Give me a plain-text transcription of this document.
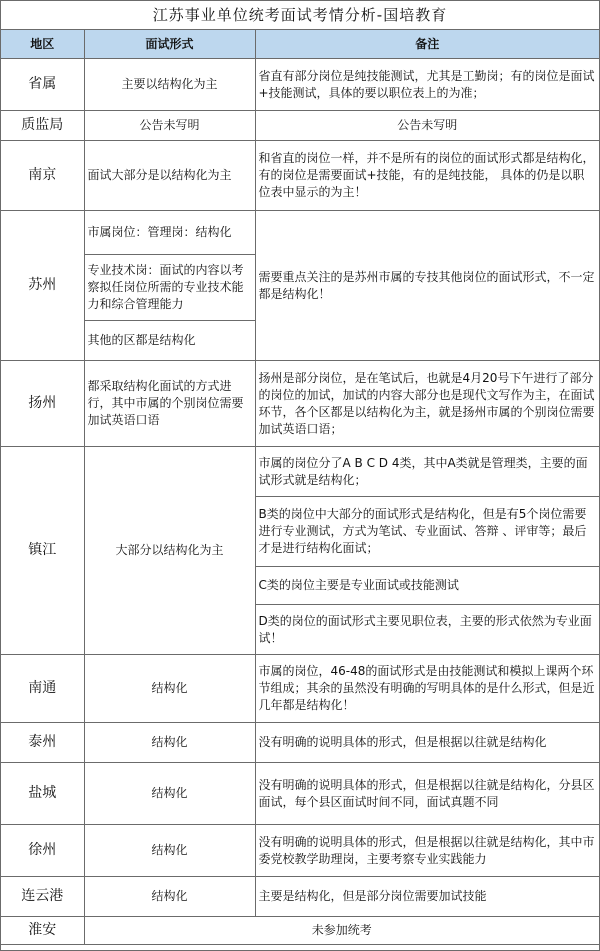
江苏事业单位统考面试考情分析-国培教育
地区	面试形式	备注
省属	主要以结构化为主	省直有部分岗位是纯技能测试，尤其是工勤岗；有的岗位是面试+技能测试，具体的要以职位表上的为准；
质监局	公告未写明	公告未写明
南京	面试大部分是以结构化为主	和省直的岗位一样，并不是所有的岗位的面试形式都是结构化，有的岗位是需要面试+技能，有的是纯技能， 具体的仍是以职位表中显示的为主！
苏州	市属岗位：管理岗：结构化	需要重点关注的是苏州市属的专技其他岗位的面试形式，不一定都是结构化！
	专业技术岗：面试的内容以考察拟任岗位所需的专业技术能力和综合管理能力	
	其他的区都是结构化	
扬州	都采取结构化面试的方式进行，其中市属的个别岗位需要加试英语口语	扬州是部分岗位，是在笔试后，也就是4月20号下午进行了部分的岗位的加试，加试的内容大部分也是现代文写作为主，在面试环节，各个区都是以结构化为主，就是扬州市属的个别岗位需要加试英语口语；
镇江	大部分以结构化为主	市属的岗位分了A B C D 4类，其中A类就是管理类，主要的面试形式就是结构化；
		B类的岗位中大部分的面试形式是结构化，但是有5个岗位需要进行专业测试，方式为笔试、专业面试、答辩 、评审等；最后才是进行结构化面试；
		C类的岗位主要是专业面试或技能测试
		D类的岗位的面试形式主要见职位表，主要的形式依然为专业面试！
南通	结构化	市属的岗位，46-48的面试形式是由技能测试和模拟上课两个环节组成；其余的虽然没有明确的写明具体的是什么形式，但是近几年都是结构化！
泰州	结构化	没有明确的说明具体的形式，但是根据以往就是结构化
盐城	结构化	没有明确的说明具体的形式，但是根据以往就是结构化，分县区面试，每个县区面试时间不同，面试真题不同
徐州	结构化	没有明确的说明具体的形式，但是根据以往就是结构化，其中市委党校教学助理岗，主要考察专业实践能力
连云港	结构化	主要是结构化，但是部分岗位需要加试技能
淮安	未参加统考	
